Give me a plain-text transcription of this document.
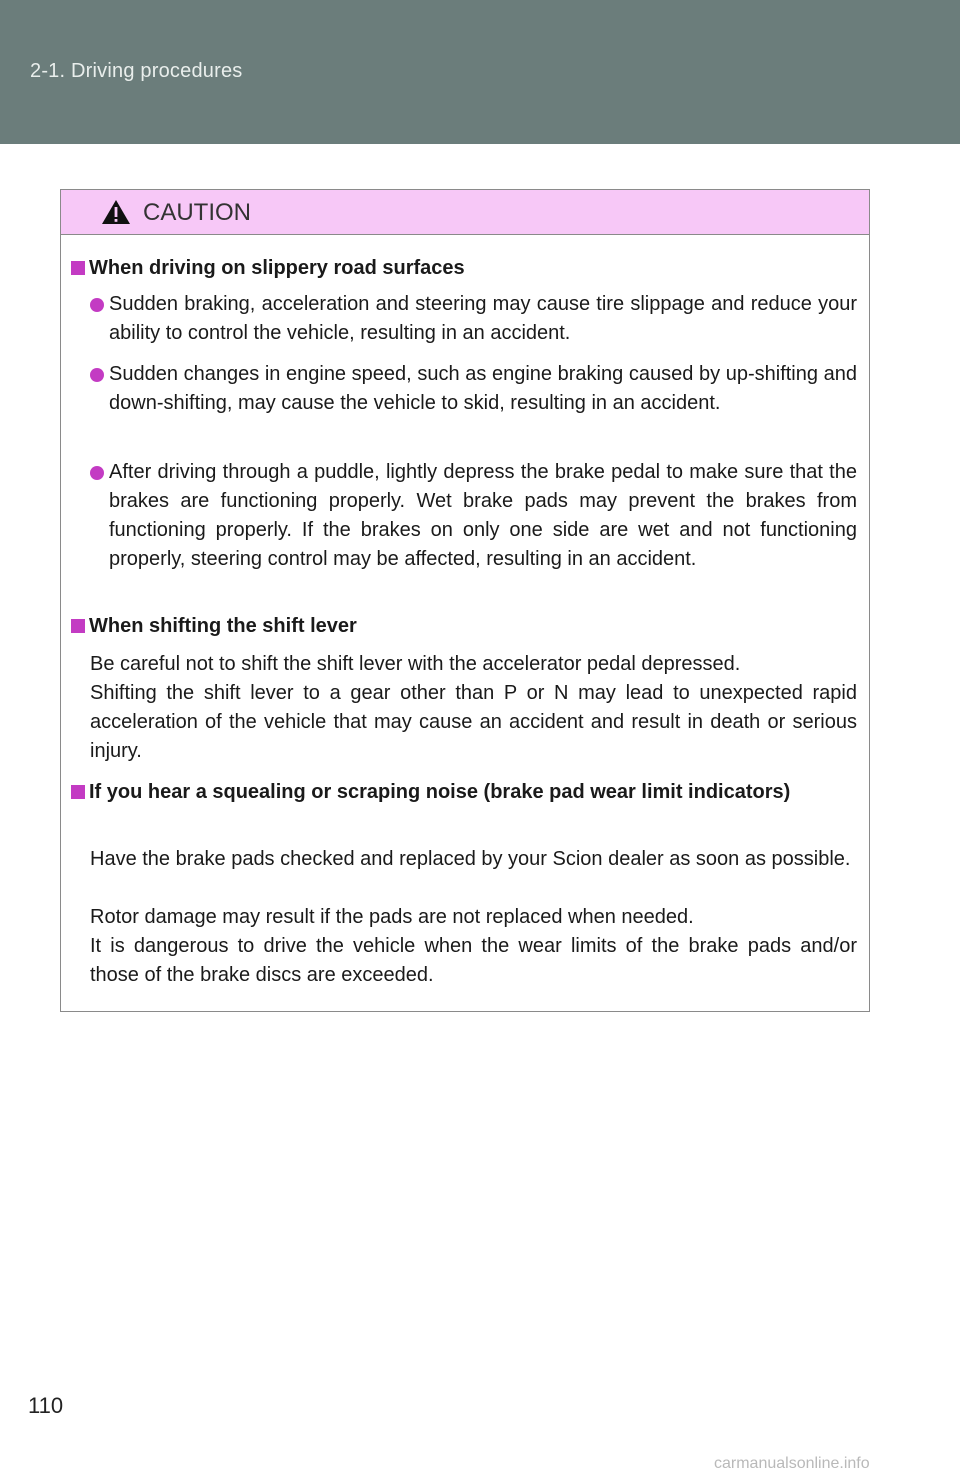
2-1. Driving procedures
CAUTION
When driving on slippery road surfaces
Sudden braking, acceleration and steering may cause tire slippage and reduce your ability to control the vehicle, resulting in an accident.
Sudden changes in engine speed, such as engine braking caused by up-shifting and down-shifting, may cause the vehicle to skid, resulting in an accident.
After driving through a puddle, lightly depress the brake pedal to make sure that the brakes are functioning properly. Wet brake pads may prevent the brakes from functioning properly. If the brakes on only one side are wet and not functioning properly, steering control may be affected, resulting in an accident.
When shifting the shift lever
Be careful not to shift the shift lever with the accelerator pedal depressed.
Shifting the shift lever to a gear other than P or N may lead to unexpected rapid acceleration of the vehicle that may cause an accident and result in death or serious injury.
If you hear a squealing or scraping noise (brake pad wear limit indicators)
Have the brake pads checked and replaced by your Scion dealer as soon as possible.
Rotor damage may result if the pads are not replaced when needed.
It is dangerous to drive the vehicle when the wear limits of the brake pads and/or those of the brake discs are exceeded.
110
carmanualsonline.info
